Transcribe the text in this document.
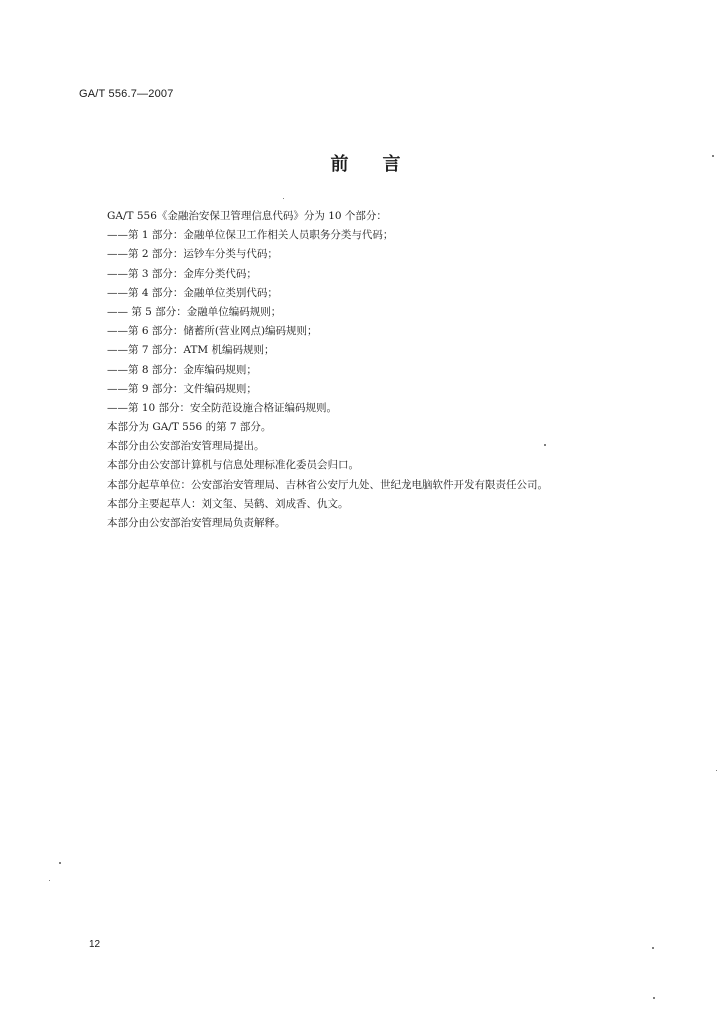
GA/T 556.7—2007
前言
GA/T 556《金融治安保卫管理信息代码》分为 10 个部分：
——第 1 部分：金融单位保卫工作相关人员职务分类与代码；
——第 2 部分：运钞车分类与代码；
——第 3 部分：金库分类代码；
——第 4 部分：金融单位类别代码；
—— 第 5 部分：金融单位编码规则；
——第 6 部分：储蓄所(营业网点)编码规则；
——第 7 部分：ATM 机编码规则；
——第 8 部分：金库编码规则；
——第 9 部分：文件编码规则；
——第 10 部分：安全防范设施合格证编码规则。
本部分为 GA/T 556 的第 7 部分。
本部分由公安部治安管理局提出。
本部分由公安部计算机与信息处理标准化委员会归口。
本部分起草单位：公安部治安管理局、吉林省公安厅九处、世纪龙电脑软件开发有限责任公司。
本部分主要起草人：刘文玺、吴鹤、刘成香、仇文。
本部分由公安部治安管理局负责解释。
12
